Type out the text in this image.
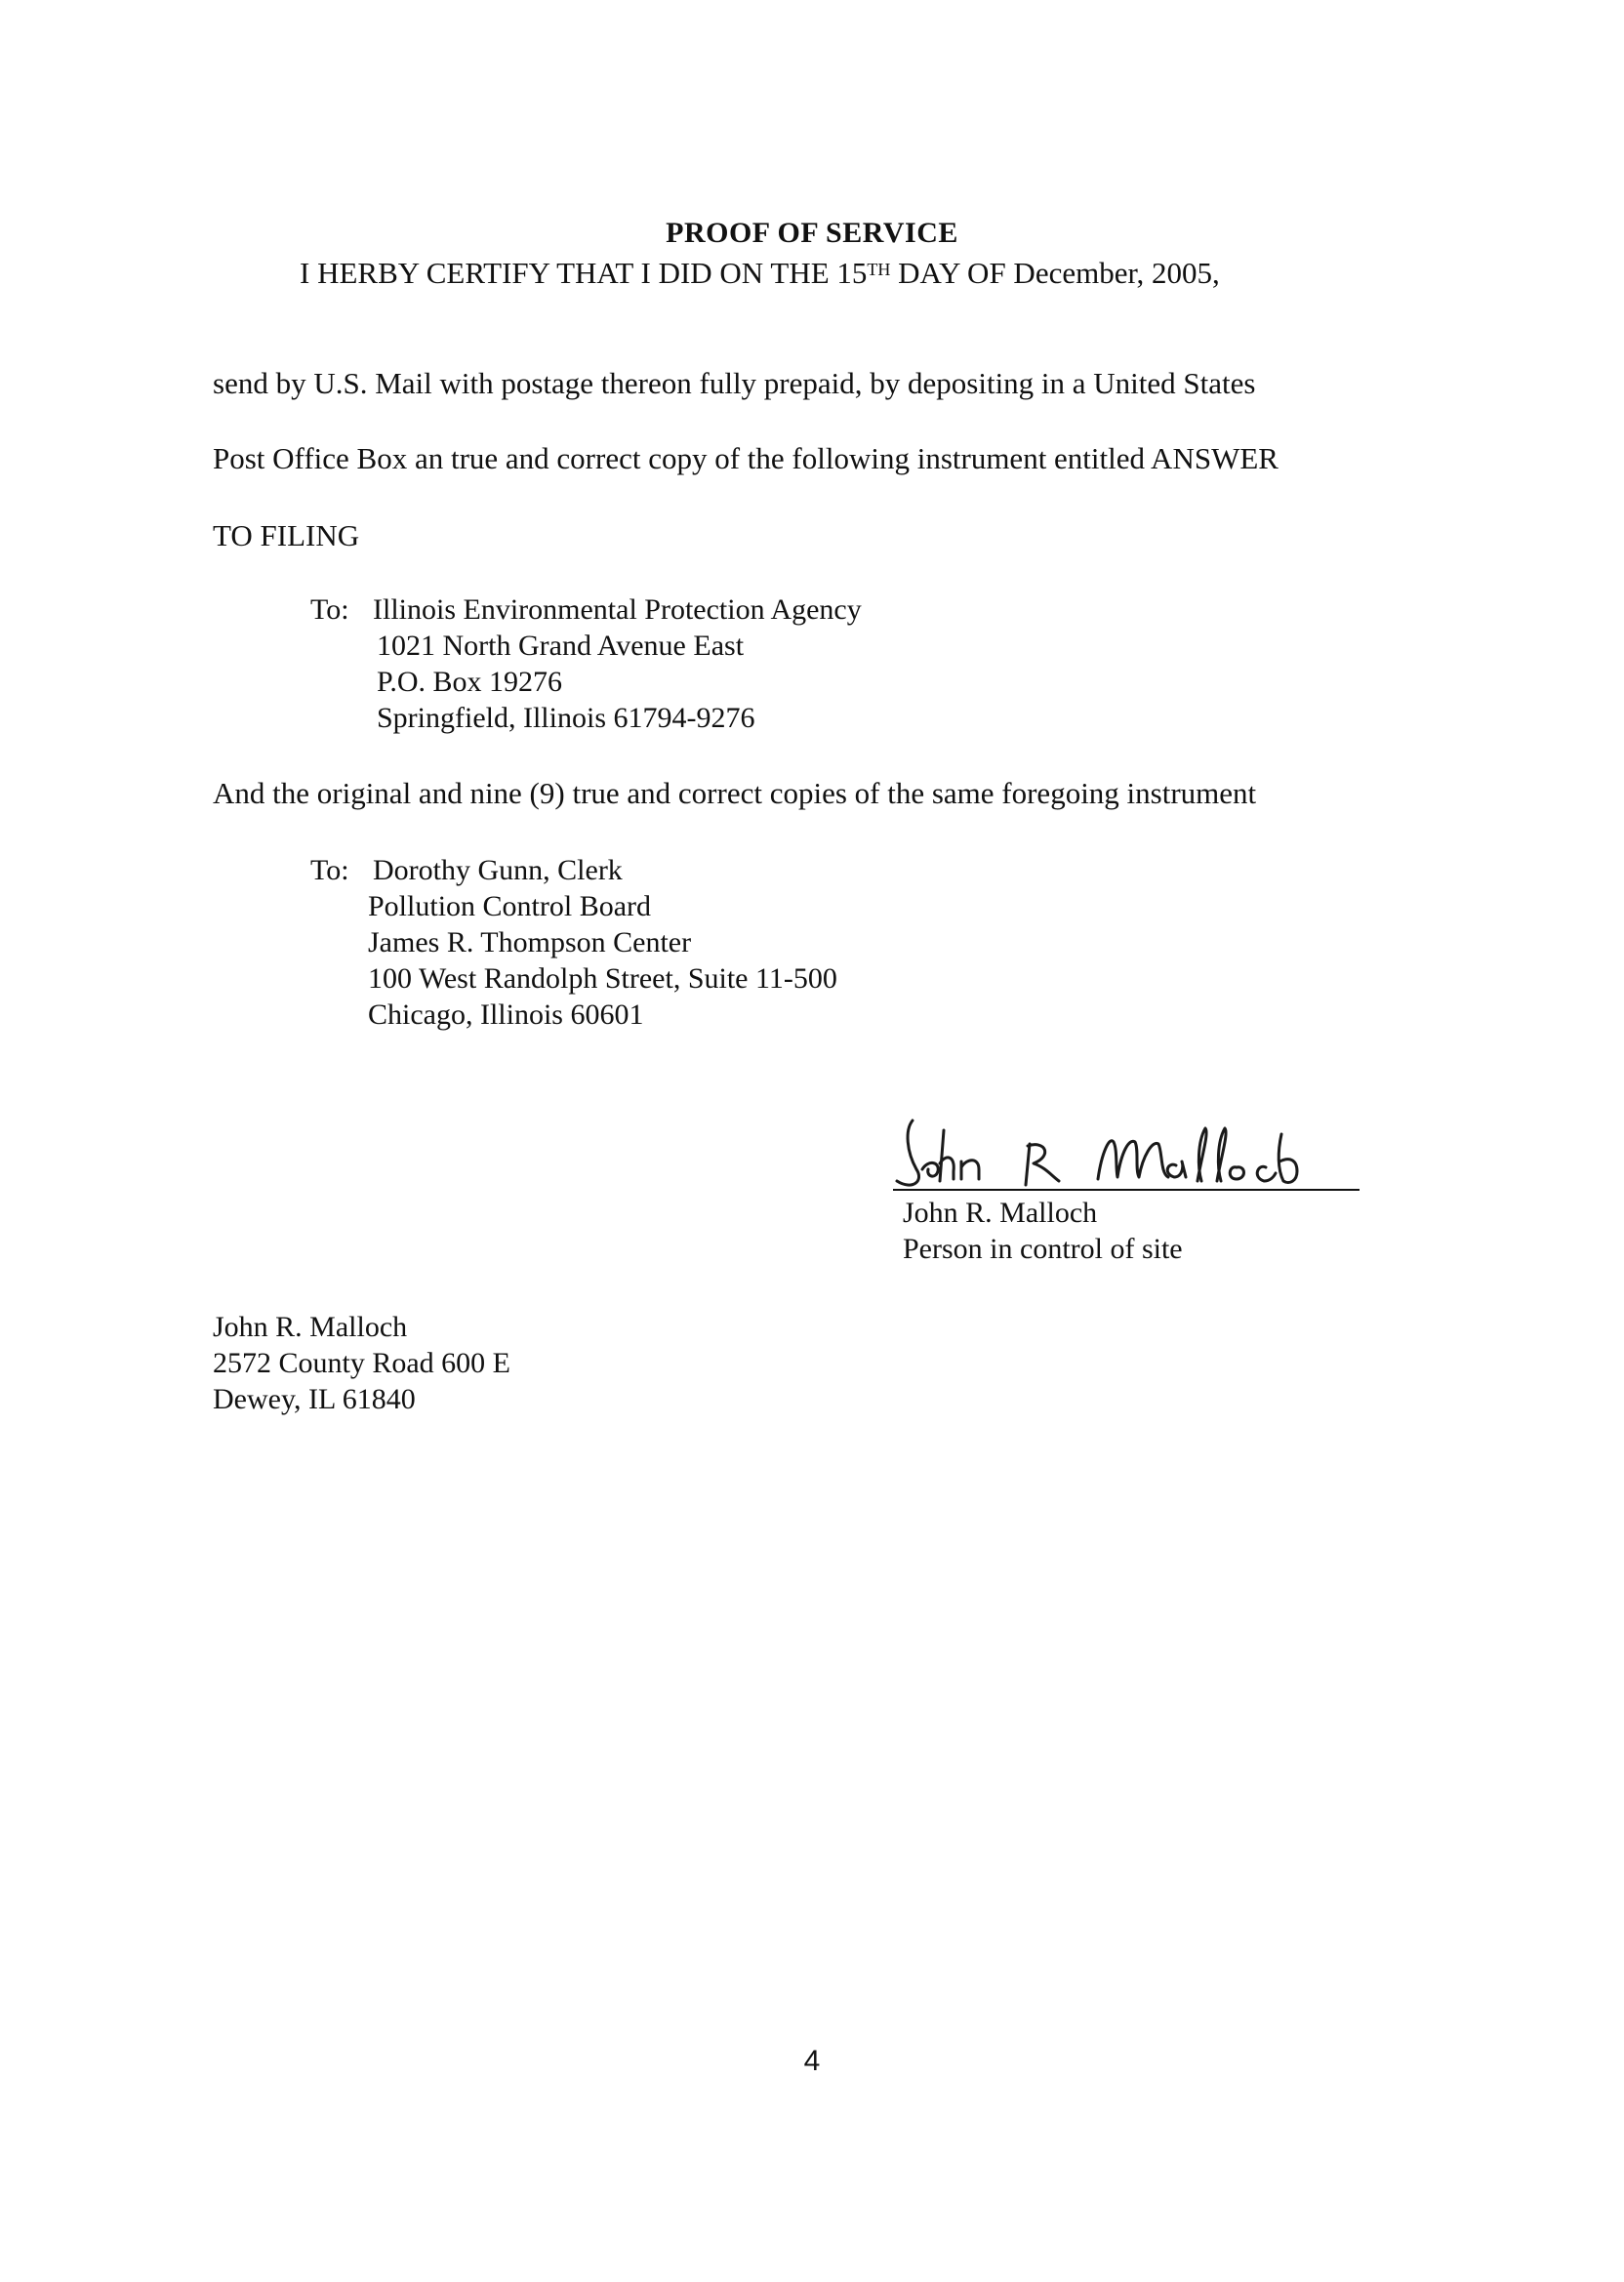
PROOF OF SERVICE
I HERBY CERTIFY THAT I DID ON THE 15TH DAY OF December, 2005,
send by U.S. Mail with postage thereon fully prepaid, by depositing in a United States
Post Office Box an true and correct copy of the following instrument entitled ANSWER
TO FILING
To: Illinois Environmental Protection Agency
1021 North Grand Avenue East
P.O. Box 19276
Springfield, Illinois 61794-9276
And the original and nine (9) true and correct copies of the same foregoing instrument
To: Dorothy Gunn, Clerk
Pollution Control Board
James R. Thompson Center
100 West Randolph Street, Suite 11-500
Chicago, Illinois 60601
John R. Malloch
Person in control of site
John R. Malloch
2572 County Road 600 E
Dewey, IL 61840
4
